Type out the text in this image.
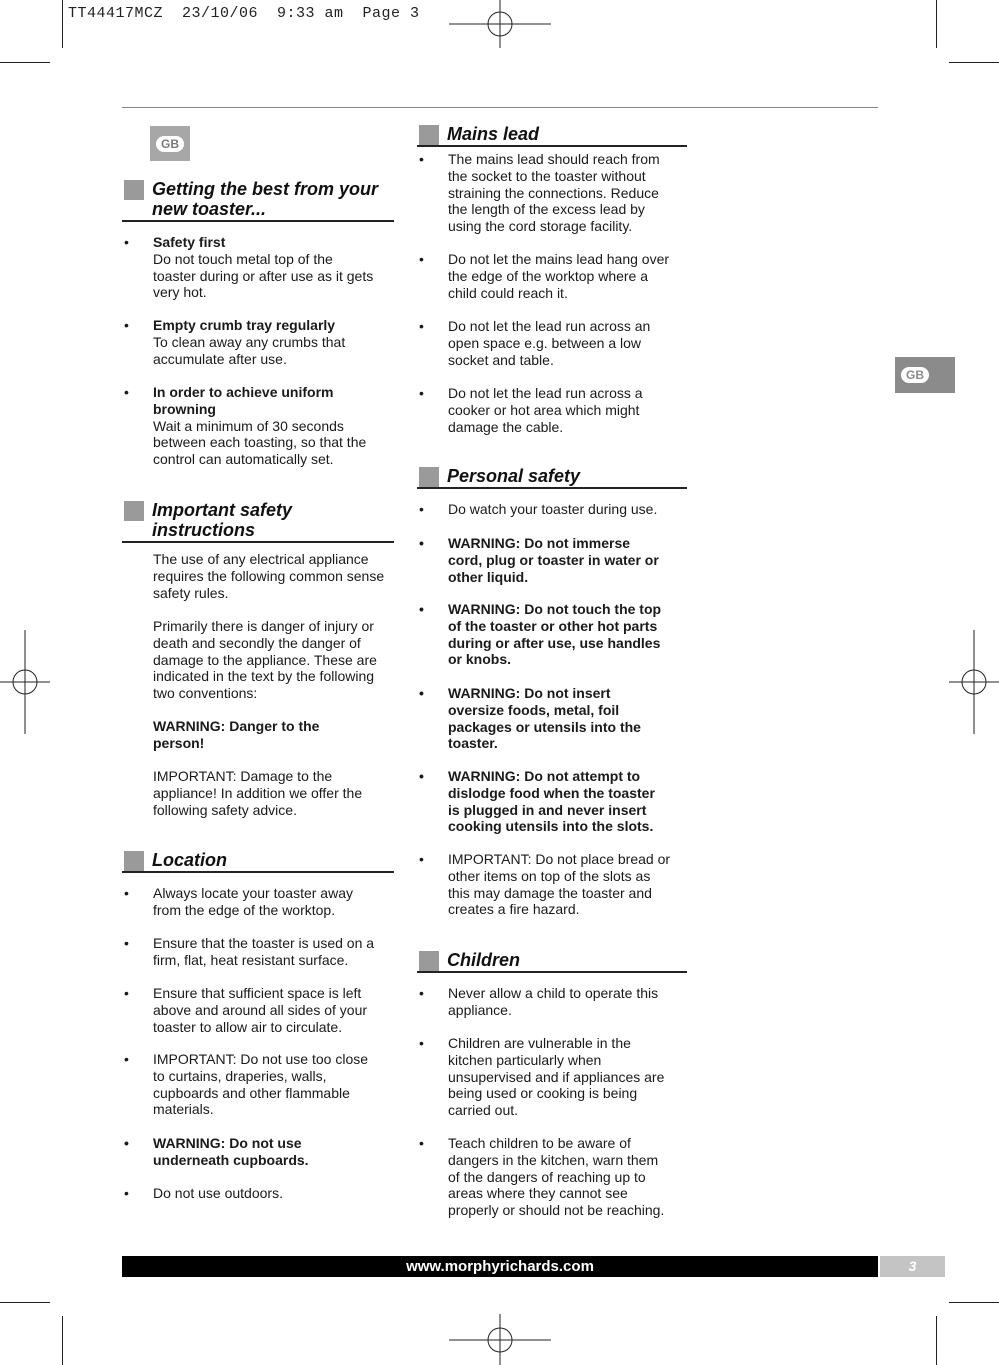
TT44417MCZ  23/10/06  9:33 am  Page 3
GB
GB
Getting the best from your
new toaster...
• Safety first
Do not touch metal top of the
toaster during or after use as it gets
very hot.
• Empty crumb tray regularly
To clean away any crumbs that
accumulate after use.
• In order to achieve uniform
browning
Wait a minimum of 30 seconds
between each toasting, so that the
control can automatically set.
Important safety
instructions
The use of any electrical appliance
requires the following common sense
safety rules.
Primarily there is danger of injury or
death and secondly the danger of
damage to the appliance. These are
indicated in the text by the following
two conventions:
WARNING: Danger to the
person!
IMPORTANT: Damage to the
appliance! In addition we offer the
following safety advice.
Location
• Always locate your toaster away
from the edge of the worktop.
• Ensure that the toaster is used on a
firm, flat, heat resistant surface.
• Ensure that sufficient space is left
above and around all sides of your
toaster to allow air to circulate.
• IMPORTANT: Do not use too close
to curtains, draperies, walls,
cupboards and other flammable
materials.
• WARNING: Do not use
underneath cupboards.
• Do not use outdoors.
Mains lead
• The mains lead should reach from
the socket to the toaster without
straining the connections. Reduce
the length of the excess lead by
using the cord storage facility.
• Do not let the mains lead hang over
the edge of the worktop where a
child could reach it.
• Do not let the lead run across an
open space e.g. between a low
socket and table.
• Do not let the lead run across a
cooker or hot area which might
damage the cable.
Personal safety
• Do watch your toaster during use.
• WARNING: Do not immerse
cord, plug or toaster in water or
other liquid.
• WARNING: Do not touch the top
of the toaster or other hot parts
during or after use, use handles
or knobs.
• WARNING: Do not insert
oversize foods, metal, foil
packages or utensils into the
toaster.
• WARNING: Do not attempt to
dislodge food when the toaster
is plugged in and never insert
cooking utensils into the slots.
• IMPORTANT: Do not place bread or
other items on top of the slots as
this may damage the toaster and
creates a fire hazard.
Children
• Never allow a child to operate this
appliance.
• Children are vulnerable in the
kitchen particularly when
unsupervised and if appliances are
being used or cooking is being
carried out.
• Teach children to be aware of
dangers in the kitchen, warn them
of the dangers of reaching up to
areas where they cannot see
properly or should not be reaching.
www.morphyrichards.com	3
